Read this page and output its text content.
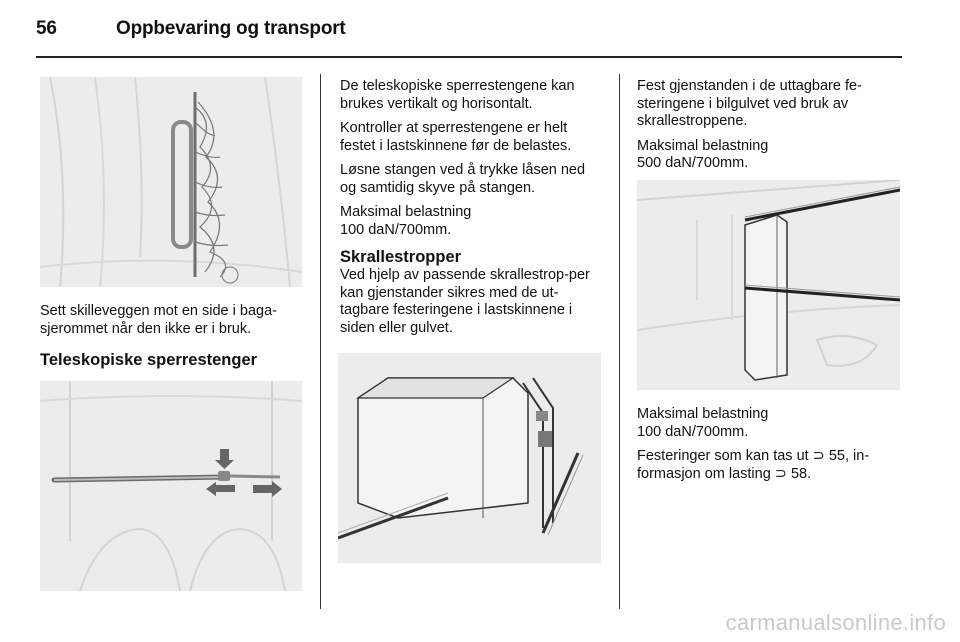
56	Oppbevaring og transport
Sett skilleveggen mot en side i baga-
sjerommet når den ikke er i bruk.
Teleskopiske sperrestenger

De teleskopiske sperrestengene kan brukes vertikalt og horisontalt.

Kontroller at sperrestengene er helt festet i lastskinnene før de belastes.

Løsne stangen ved å trykke låsen ned og samtidig skyve på stangen.

Maksimal belastning
100 daN/700mm.

Skrallestropper

Ved hjelp av passende skrallestrop-per kan gjenstander sikres med de ut-tagbare festeringene i lastskinnene i siden eller gulvet.

Fest gjenstanden i de uttagbare fe-steringene i bilgulvet ved bruk av skrallestroppene.

Maksimal belastning
500 daN/700mm.

Maksimal belastning
100 daN/700mm.

Festeringer som kan tas ut ⊃ 55, in-formasjon om lasting ⊃ 58.

carmanualsonline.info
